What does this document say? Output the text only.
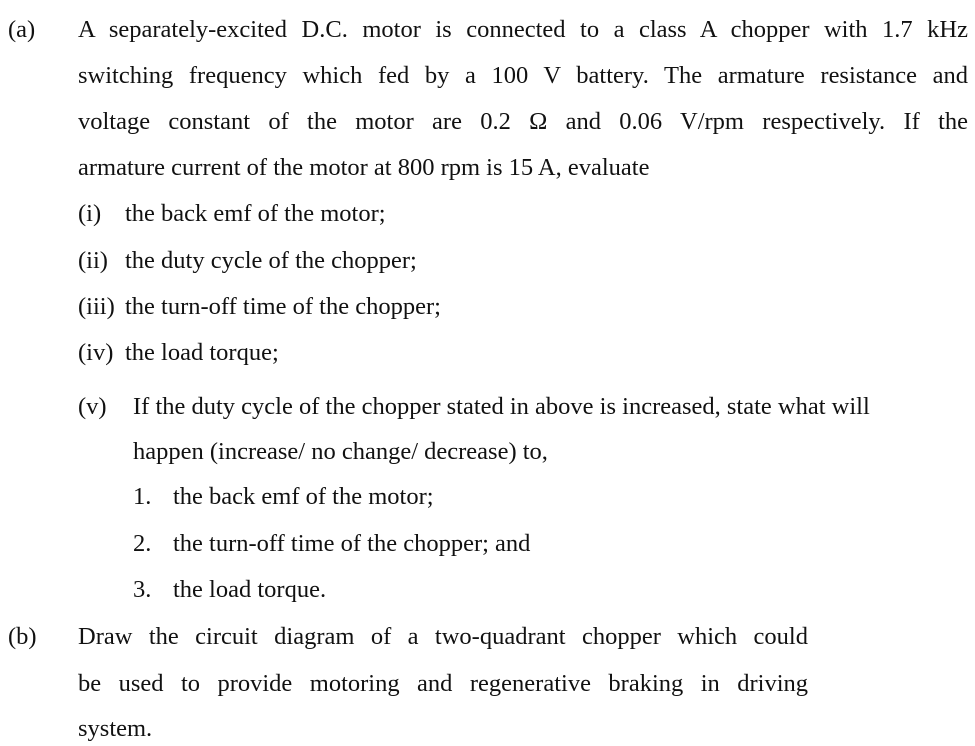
(a) A separately-excited D.C. motor is connected to a class A chopper with 1.7 kHz
switching frequency which fed by a 100 V battery. The armature resistance and
voltage constant of the motor are 0.2 Ω and 0.06 V/rpm respectively. If the
armature current of the motor at 800 rpm is 15 A, evaluate
(i) the back emf of the motor;
(ii) the duty cycle of the chopper;
(iii) the turn-off time of the chopper;
(iv) the load torque;
(v) If the duty cycle of the chopper stated in above is increased, state what will
happen (increase/ no change/ decrease) to,
1. the back emf of the motor;
2. the turn-off time of the chopper; and
3. the load torque.
(b) Draw the circuit diagram of a two-quadrant chopper which could
be used to provide motoring and regenerative braking in driving
system.
